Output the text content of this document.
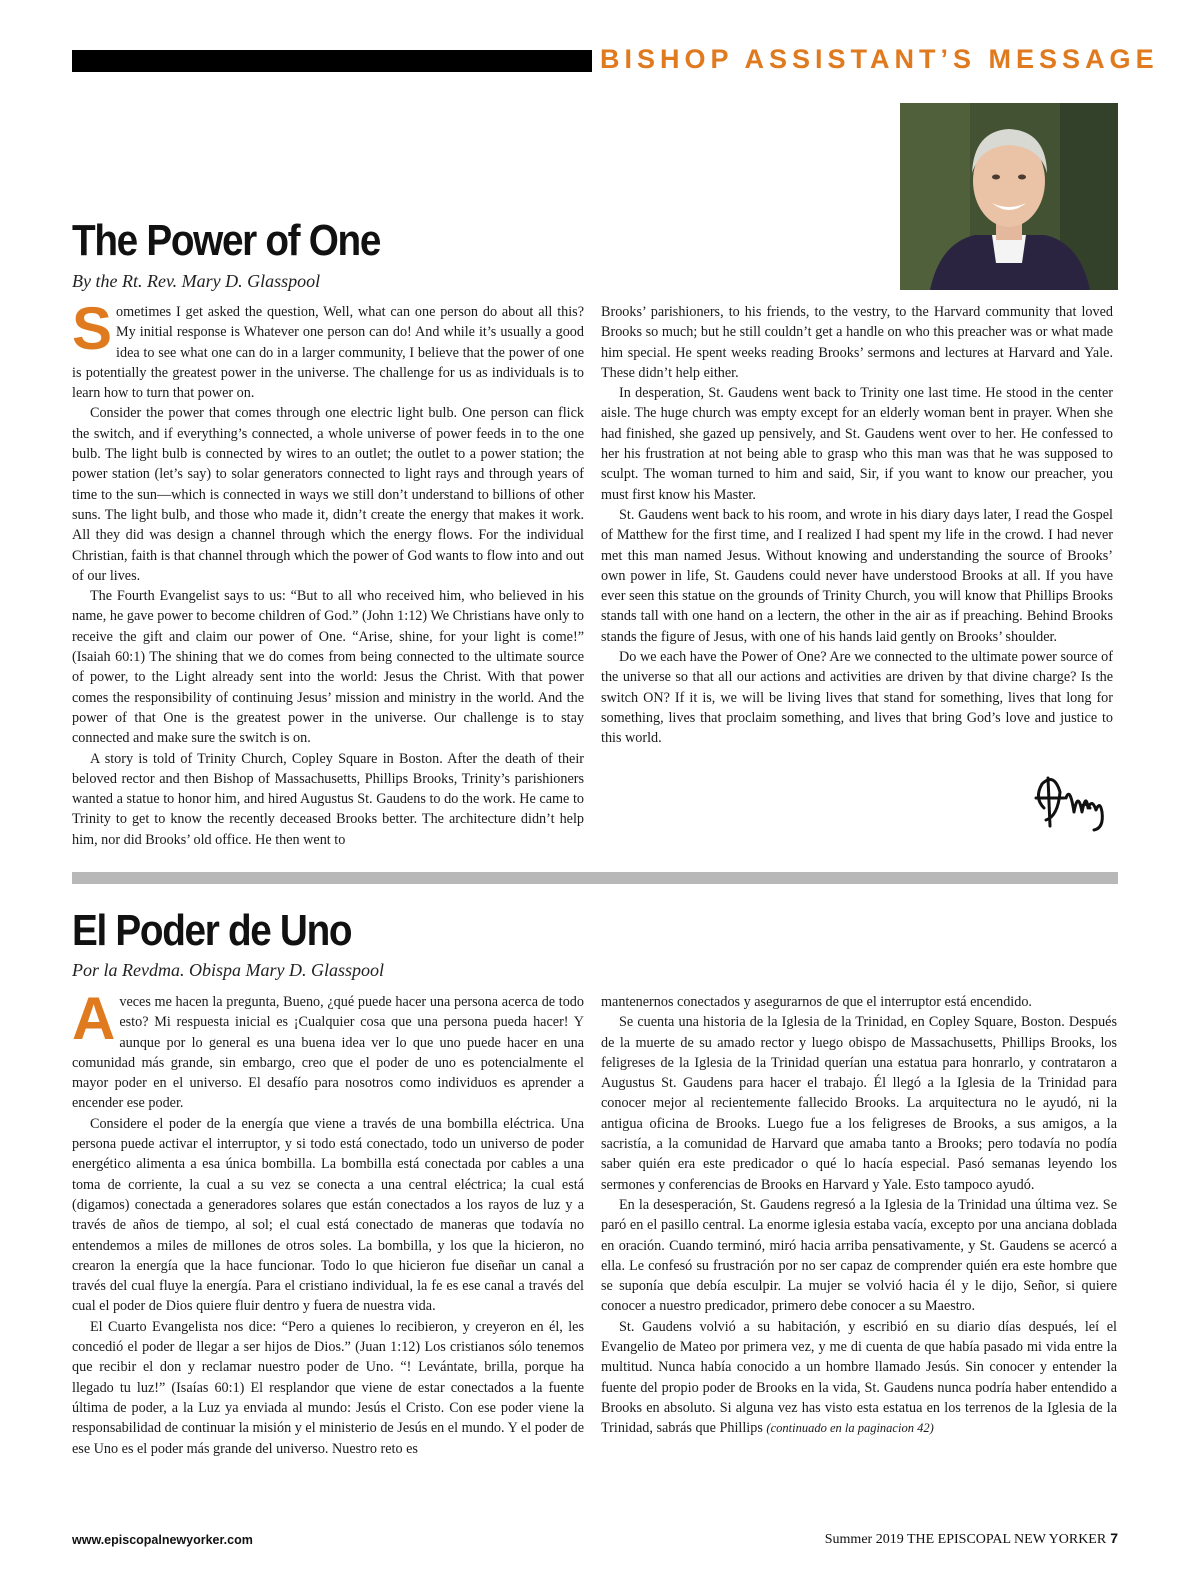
BISHOP ASSISTANT’S MESSAGE
The Power of One
By the Rt. Rev. Mary D. Glasspool

Sometimes I get asked the question, Well, what can one person do about all this? My initial response is Whatever one person can do! And while it’s usually a good idea to see what one can do in a larger community, I believe that the power of one is potentially the greatest power in the universe. The challenge for us as individuals is to learn how to turn that power on.

Consider the power that comes through one electric light bulb. One person can flick the switch, and if everything’s connected, a whole universe of power feeds in to the one bulb. The light bulb is connected by wires to an outlet; the outlet to a power station; the power station (let’s say) to solar generators connected to light rays and through years of time to the sun—which is connected in ways we still don’t understand to billions of other suns. The light bulb, and those who made it, didn’t create the energy that makes it work. All they did was design a channel through which the energy flows. For the individual Christian, faith is that channel through which the power of God wants to flow into and out of our lives.

The Fourth Evangelist says to us: “But to all who received him, who believed in his name, he gave power to become children of God.” (John 1:12) We Christians have only to receive the gift and claim our power of One. “Arise, shine, for your light is come!” (Isaiah 60:1) The shining that we do comes from being connected to the ultimate source of power, to the Light already sent into the world: Jesus the Christ. With that power comes the responsibility of continuing Jesus’ mission and ministry in the world. And the power of that One is the greatest power in the universe. Our challenge is to stay connected and make sure the switch is on.

A story is told of Trinity Church, Copley Square in Boston. After the death of their beloved rector and then Bishop of Massachusetts, Phillips Brooks, Trinity’s parishioners wanted a statue to honor him, and hired Augustus St. Gaudens to do the work. He came to Trinity to get to know the recently deceased Brooks better. The architecture didn’t help him, nor did Brooks’ old office. He then went to

Brooks’ parishioners, to his friends, to the vestry, to the Harvard community that loved Brooks so much; but he still couldn’t get a handle on who this preacher was or what made him special. He spent weeks reading Brooks’ sermons and lectures at Harvard and Yale. These didn’t help either.

In desperation, St. Gaudens went back to Trinity one last time. He stood in the center aisle. The huge church was empty except for an elderly woman bent in prayer. When she had finished, she gazed up pensively, and St. Gaudens went over to her. He confessed to her his frustration at not being able to grasp who this man was that he was supposed to sculpt. The woman turned to him and said, Sir, if you want to know our preacher, you must first know his Master.

St. Gaudens went back to his room, and wrote in his diary days later, I read the Gospel of Matthew for the first time, and I realized I had spent my life in the crowd. I had never met this man named Jesus. Without knowing and understanding the source of Brooks’ own power in life, St. Gaudens could never have understood Brooks at all. If you have ever seen this statue on the grounds of Trinity Church, you will know that Phillips Brooks stands tall with one hand on a lectern, the other in the air as if preaching. Behind Brooks stands the figure of Jesus, with one of his hands laid gently on Brooks’ shoulder.

Do we each have the Power of One? Are we connected to the ultimate power source of the universe so that all our actions and activities are driven by that divine charge? Is the switch ON? If it is, we will be living lives that stand for something, lives that long for something, lives that proclaim something, and lives that bring God’s love and justice to this world.

El Poder de Uno
Por la Revdma. Obispa Mary D. Glasspool

Aveces me hacen la pregunta, Bueno, ¿qué puede hacer una persona acerca de todo esto? Mi respuesta inicial es ¡Cualquier cosa que una persona pueda hacer! Y aunque por lo general es una buena idea ver lo que uno puede hacer en una comunidad más grande, sin embargo, creo que el poder de uno es potencialmente el mayor poder en el universo. El desafío para nosotros como individuos es aprender a encender ese poder.

Considere el poder de la energía que viene a través de una bombilla eléctrica. Una persona puede activar el interruptor, y si todo está conectado, todo un universo de poder energético alimenta a esa única bombilla. La bombilla está conectada por cables a una toma de corriente, la cual a su vez se conecta a una central eléctrica; la cual está (digamos) conectada a generadores solares que están conectados a los rayos de luz y a través de años de tiempo, al sol; el cual está conectado de maneras que todavía no entendemos a miles de millones de otros soles. La bombilla, y los que la hicieron, no crearon la energía que la hace funcionar. Todo lo que hicieron fue diseñar un canal a través del cual fluye la energía. Para el cristiano individual, la fe es ese canal a través del cual el poder de Dios quiere fluir dentro y fuera de nuestra vida.

El Cuarto Evangelista nos dice: “Pero a quienes lo recibieron, y creyeron en él, les concedió el poder de llegar a ser hijos de Dios.” (Juan 1:12) Los cristianos sólo tenemos que recibir el don y reclamar nuestro poder de Uno. “! Levántate, brilla, porque ha llegado tu luz!” (Isaías 60:1) El resplandor que viene de estar conectados a la fuente última de poder, a la Luz ya enviada al mundo: Jesús el Cristo. Con ese poder viene la responsabilidad de continuar la misión y el ministerio de Jesús en el mundo. Y el poder de ese Uno es el poder más grande del universo. Nuestro reto es

mantenernos conectados y asegurarnos de que el interruptor está encendido.

Se cuenta una historia de la Iglesia de la Trinidad, en Copley Square, Boston. Después de la muerte de su amado rector y luego obispo de Massachusetts, Phillips Brooks, los feligreses de la Iglesia de la Trinidad querían una estatua para honrarlo, y contrataron a Augustus St. Gaudens para hacer el trabajo. Él llegó a la Iglesia de la Trinidad para conocer mejor al recientemente fallecido Brooks. La arquitectura no le ayudó, ni la antigua oficina de Brooks. Luego fue a los feligreses de Brooks, a sus amigos, a la sacristía, a la comunidad de Harvard que amaba tanto a Brooks; pero todavía no podía saber quién era este predicador o qué lo hacía especial. Pasó semanas leyendo los sermones y conferencias de Brooks en Harvard y Yale. Esto tampoco ayudó.

En la desesperación, St. Gaudens regresó a la Iglesia de la Trinidad una última vez. Se paró en el pasillo central. La enorme iglesia estaba vacía, excepto por una anciana doblada en oración. Cuando terminó, miró hacia arriba pensativamente, y St. Gaudens se acercó a ella. Le confesó su frustración por no ser capaz de comprender quién era este hombre que se suponía que debía esculpir. La mujer se volvió hacia él y le dijo, Señor, si quiere conocer a nuestro predicador, primero debe conocer a su Maestro.

St. Gaudens volvió a su habitación, y escribió en su diario días después, leí el Evangelio de Mateo por primera vez, y me di cuenta de que había pasado mi vida entre la multitud. Nunca había conocido a un hombre llamado Jesús. Sin conocer y entender la fuente del propio poder de Brooks en la vida, St. Gaudens nunca podría haber entendido a Brooks en absoluto. Si alguna vez has visto esta estatua en los terrenos de la Iglesia de la Trinidad, sabrás que Phillips (continuado en la paginacion 42)

www.episcopalnewyorker.com	Summer 2019 THE EPISCOPAL NEW YORKER 7
